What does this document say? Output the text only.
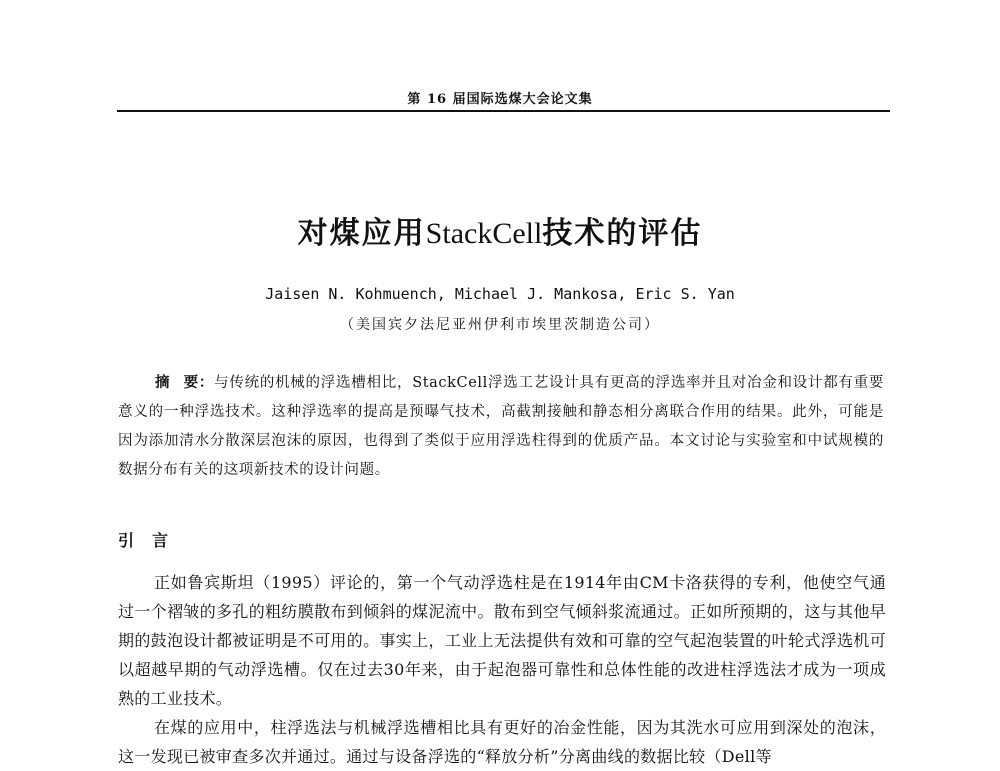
第 16 届国际选煤大会论文集
对煤应用StackCell技术的评估
Jaisen N. Kohmuench, Michael J. Mankosa, Eric S. Yan
（美国宾夕法尼亚州伊利市埃里茨制造公司）
摘要：与传统的机械的浮选槽相比，StackCell浮选工艺设计具有更高的浮选率并且对冶金和设计都有重要意义的一种浮选技术。这种浮选率的提高是预曝气技术，高截割接触和静态相分离联合作用的结果。此外，可能是因为添加清水分散深层泡沫的原因，也得到了类似于应用浮选柱得到的优质产品。本文讨论与实验室和中试规模的数据分布有关的这项新技术的设计问题。
引言

正如鲁宾斯坦（1995）评论的，第一个气动浮选柱是在1914年由CM卡洛获得的专利，他使空气通过一个褶皱的多孔的粗纺膜散布到倾斜的煤泥流中。散布到空气倾斜浆流通过。正如所预期的，这与其他早期的鼓泡设计都被证明是不可用的。事实上，工业上无法提供有效和可靠的空气起泡装置的叶轮式浮选机可以超越早期的气动浮选槽。仅在过去30年来，由于起泡器可靠性和总体性能的改进柱浮选法才成为一项成熟的工业技术。

在煤的应用中，柱浮选法与机械浮选槽相比具有更好的冶金性能，因为其洗水可应用到深处的泡沫，这一发现已被审查多次并通过。通过与设备浮选的“释放分析”分离曲线的数据比较（Dell等
